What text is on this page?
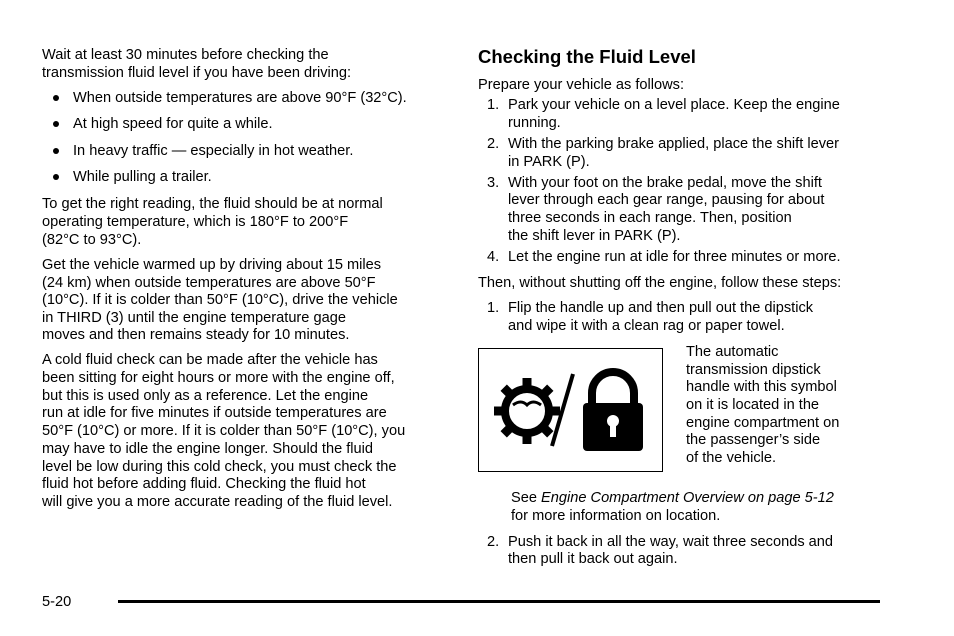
Wait at least 30 minutes before checking the
transmission fluid level if you have been driving:
When outside temperatures are above 90°F (32°C).
At high speed for quite a while.
In heavy traffic — especially in hot weather.
While pulling a trailer.
To get the right reading, the fluid should be at normal
operating temperature, which is 180°F to 200°F
(82°C to 93°C).
Get the vehicle warmed up by driving about 15 miles
(24 km) when outside temperatures are above 50°F
(10°C). If it is colder than 50°F (10°C), drive the vehicle
in THIRD (3) until the engine temperature gage
moves and then remains steady for 10 minutes.
A cold fluid check can be made after the vehicle has
been sitting for eight hours or more with the engine off,
but this is used only as a reference. Let the engine
run at idle for five minutes if outside temperatures are
50°F (10°C) or more. If it is colder than 50°F (10°C), you
may have to idle the engine longer. Should the fluid
level be low during this cold check, you must check the
fluid hot before adding fluid. Checking the fluid hot
will give you a more accurate reading of the fluid level.
Checking the Fluid Level
Prepare your vehicle as follows:
1. Park your vehicle on a level place. Keep the engine
running.
2. With the parking brake applied, place the shift lever
in PARK (P).
3. With your foot on the brake pedal, move the shift
lever through each gear range, pausing for about
three seconds in each range. Then, position
the shift lever in PARK (P).
4. Let the engine run at idle for three minutes or more.
Then, without shutting off the engine, follow these steps:
1. Flip the handle up and then pull out the dipstick
and wipe it with a clean rag or paper towel.
The automatic
transmission dipstick
handle with this symbol
on it is located in the
engine compartment on
the passenger’s side
of the vehicle.
See Engine Compartment Overview on page 5-12
for more information on location.
2. Push it back in all the way, wait three seconds and
then pull it back out again.
5-20
